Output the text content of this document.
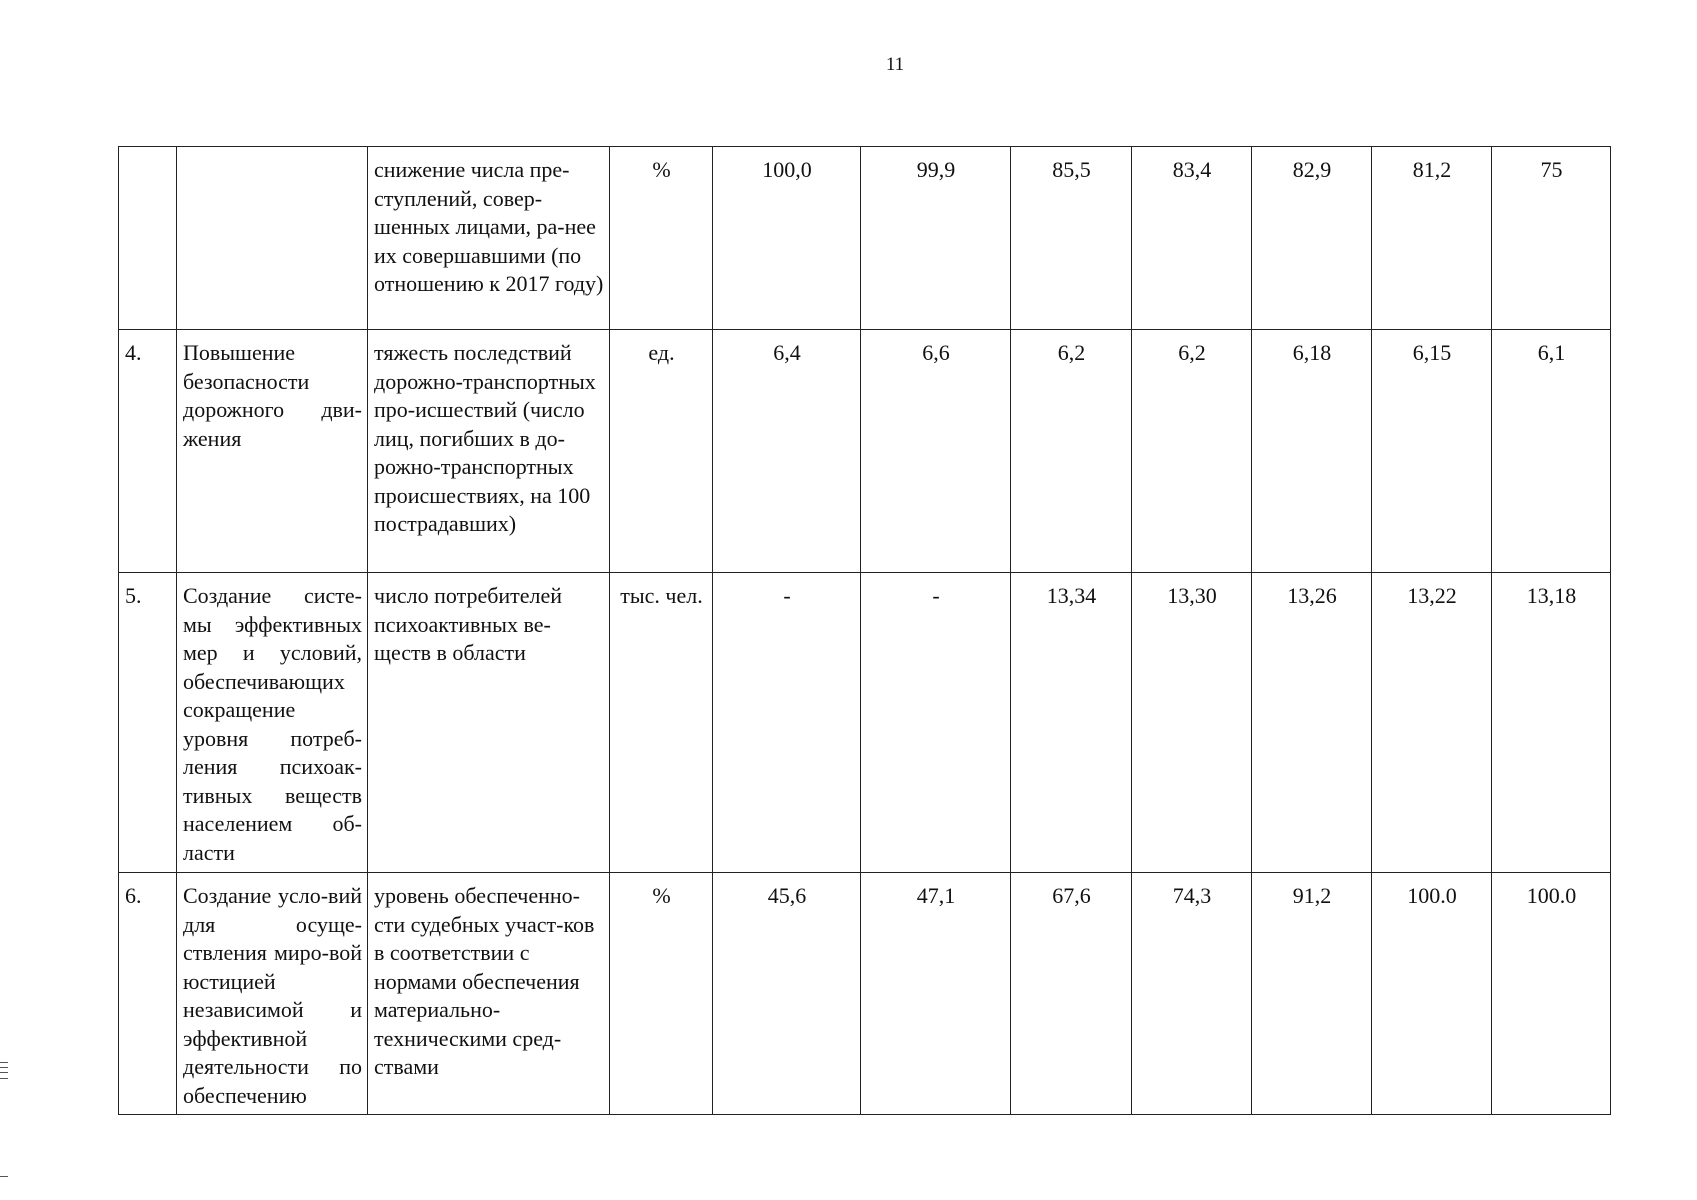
11
		снижение числа пре-ступлений, совер-шенных лицами, ра-нее их совершавшими (по отношению к 2017 году)	%	100,0	99,9	85,5	83,4	82,9	81,2	75
4.	Повышение безопасности дорожного дви-жения	тяжесть последствий дорожно-транспортных про-исшествий (число лиц, погибших в до-рожно-транспортных происшествиях, на 100 пострадавших)	ед.	6,4	6,6	6,2	6,2	6,18	6,15	6,1
5.	Создание систе-мы эффективных мер и условий, обеспечивающих сокращение уровня потреб-ления психоак-тивных веществ населением об-ласти	число потребителей психоактивных ве-ществ в области	тыс. чел.	-	-	13,34	13,30	13,26	13,22	13,18
6.	Создание усло-вий для осуще-ствления миро-вой юстицией независимой и эффективной деятельности по обеспечению	уровень обеспеченно-сти судебных участ-ков в соответствии с нормами обеспечения материально-техническими сред-ствами	%	45,6	47,1	67,6	74,3	91,2	100.0	100.0
